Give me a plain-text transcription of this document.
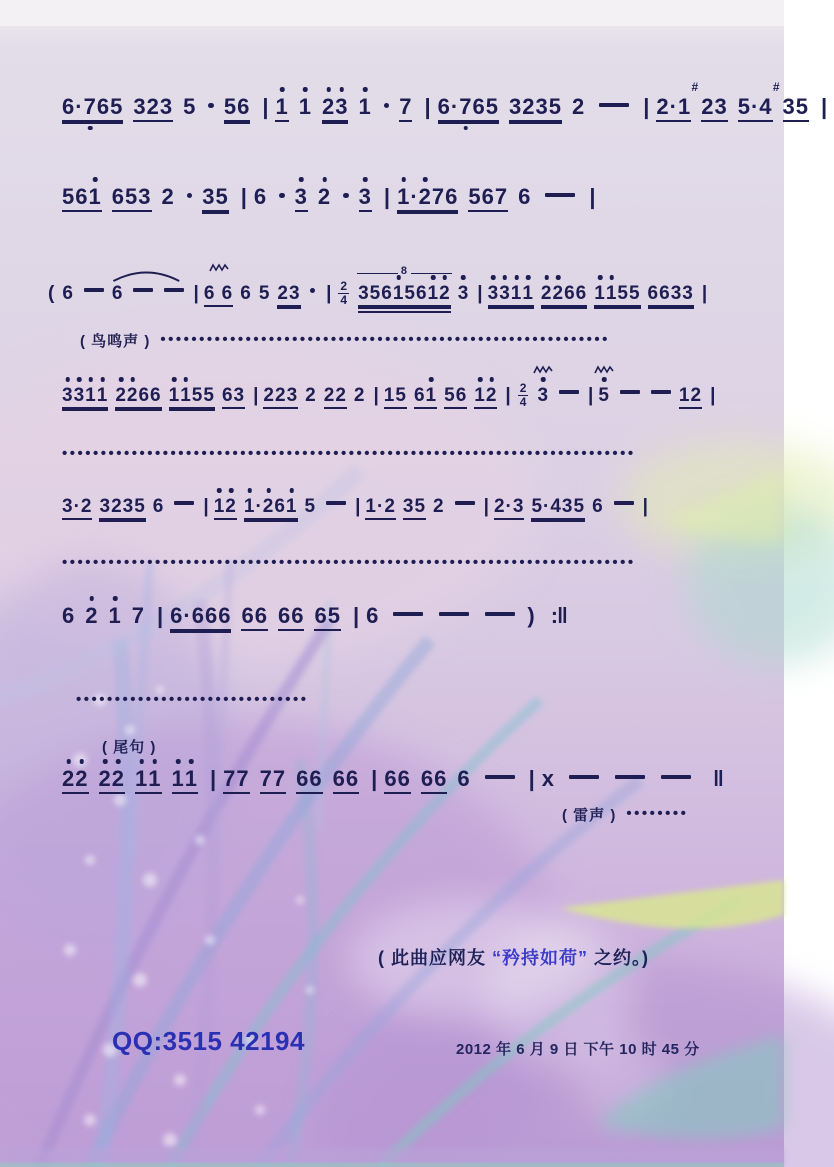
6 · 7 6 5 3 2 3 5 5 6 | 1 1 2 3 1 7 | 6 · 7 6 5 3 2 3 5 2	| 2 · 1
#
2 3 5 · 4
#
3 5 |
5 6 1 6 5 3 2 3 5 | 6 3 2 3 | 1 · 2 7 6 5 6 7 6	|
( 6 6	| 6
6 6 5 2 3 | $\frac{2}{4} 3$ 5 6 1 5 6 1 2
8
3 | 3 3 1 1 2 2 6 6 1 1 5 5 6 6 3 3 |
( 鸟鸣声 ) ••••••••••••••••••••••••••••••••••••••••••••••••••••••••••
3 3 1 1 2 2 6 6 1 1 5 5 6 3 | 2 2 3 2 2 2 2 | 1 5 6 1 5 6 1 2 | $\frac{2}{4} 3$ | 5	1 2 |
••••••••••••••••••••••••••••••••••••••••••••••••••••••••••••••••••••••••••
3 · 2 3 2 3 5 6 | 1 2 1 · 2 6 1 5 | 1 · 2 3 5 2 | 2 · 3 5 · 4 3 5 6 |
••••••••••••••••••••••••••••••••••••••••••••••••••••••••••••••••••••••••••
6 2 1 7 | 6 · 6 6 6 6 6 6 6 6 5 | 6	) :‖
••••••••••••••••••••••••••••••
( 尾句 )
2 2 2 2 1 1 1 1 | 7 7 7 7 6 6 6 6 | 6 6 6 6 6	| x	‖
( 雷声 ) ••••••••
( 此曲应网友 “矜持如荷” 之约。)
QQ:3515 42194	2012 年 6 月 9 日 下午 10 时 45 分
